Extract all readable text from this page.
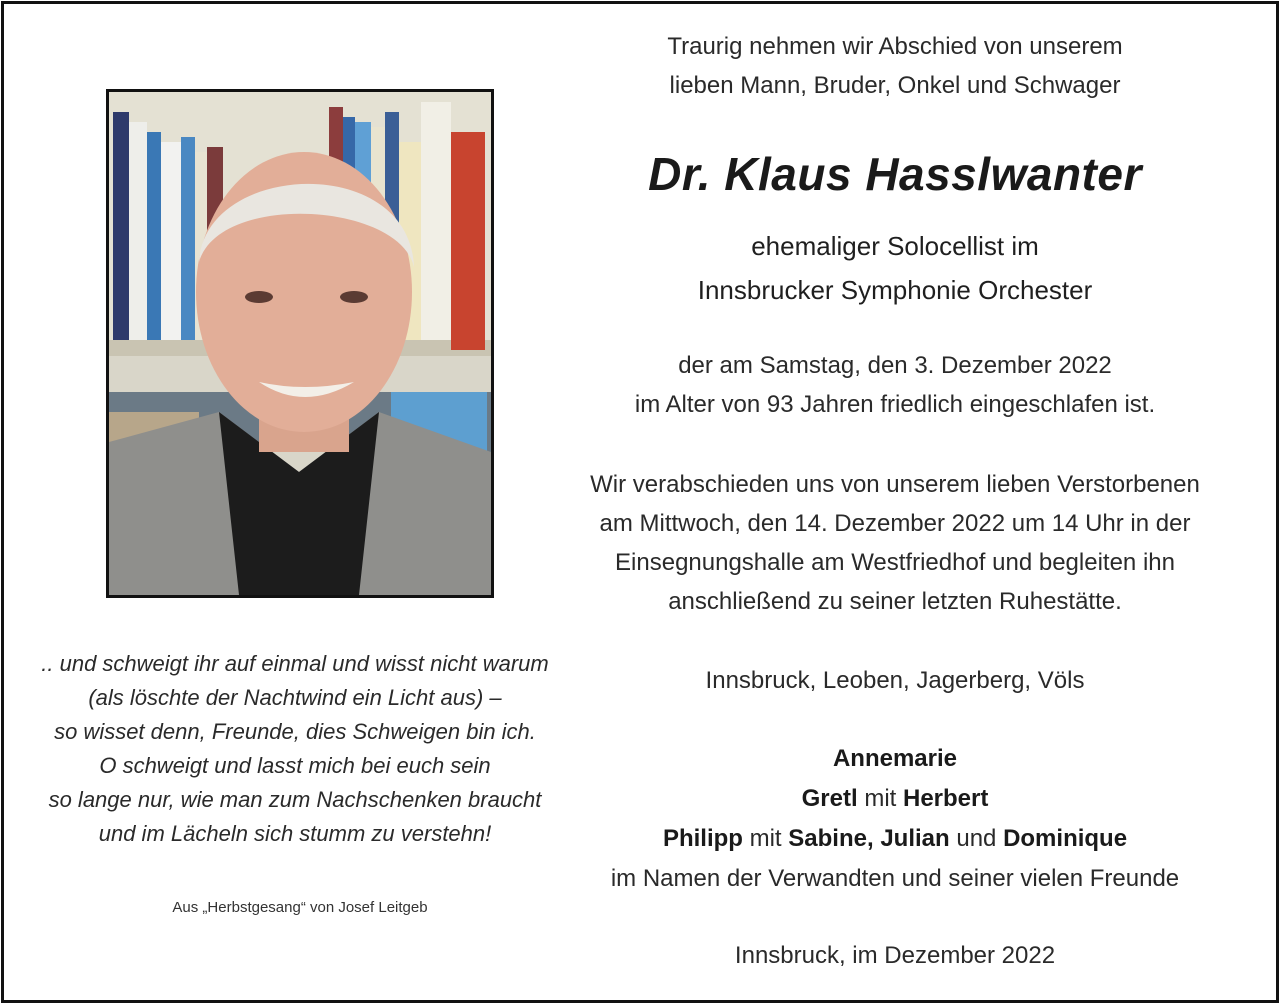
Traurig nehmen wir Abschied von unserem

lieben Mann, Bruder, Onkel und Schwager

Dr. Klaus Hasslwanter

ehemaliger Solocellist im

Innsbrucker Symphonie Orchester

der am Samstag, den 3. Dezember 2022

im Alter von 93 Jahren friedlich eingeschlafen ist.

Wir verabschieden uns von unserem lieben Verstorbenen

am Mittwoch, den 14. Dezember 2022 um 14 Uhr in der

Einsegnungshalle am Westfriedhof und begleiten ihn

anschließend zu seiner letzten Ruhestätte.

Innsbruck, Leoben, Jagerberg, Völs

Annemarie

Gretl mit Herbert

Philipp mit Sabine, Julian und Dominique

im Namen der Verwandten und seiner vielen Freunde

Innsbruck, im Dezember 2022

.. und schweigt ihr auf einmal und wisst nicht warum

(als löschte der Nachtwind ein Licht aus) –

so wisset denn, Freunde, dies Schweigen bin ich.

O schweigt und lasst mich bei euch sein

so lange nur, wie man zum Nachschenken braucht

und im Lächeln sich stumm zu verstehn!

Aus „Herbstgesang“ von Josef Leitgeb
